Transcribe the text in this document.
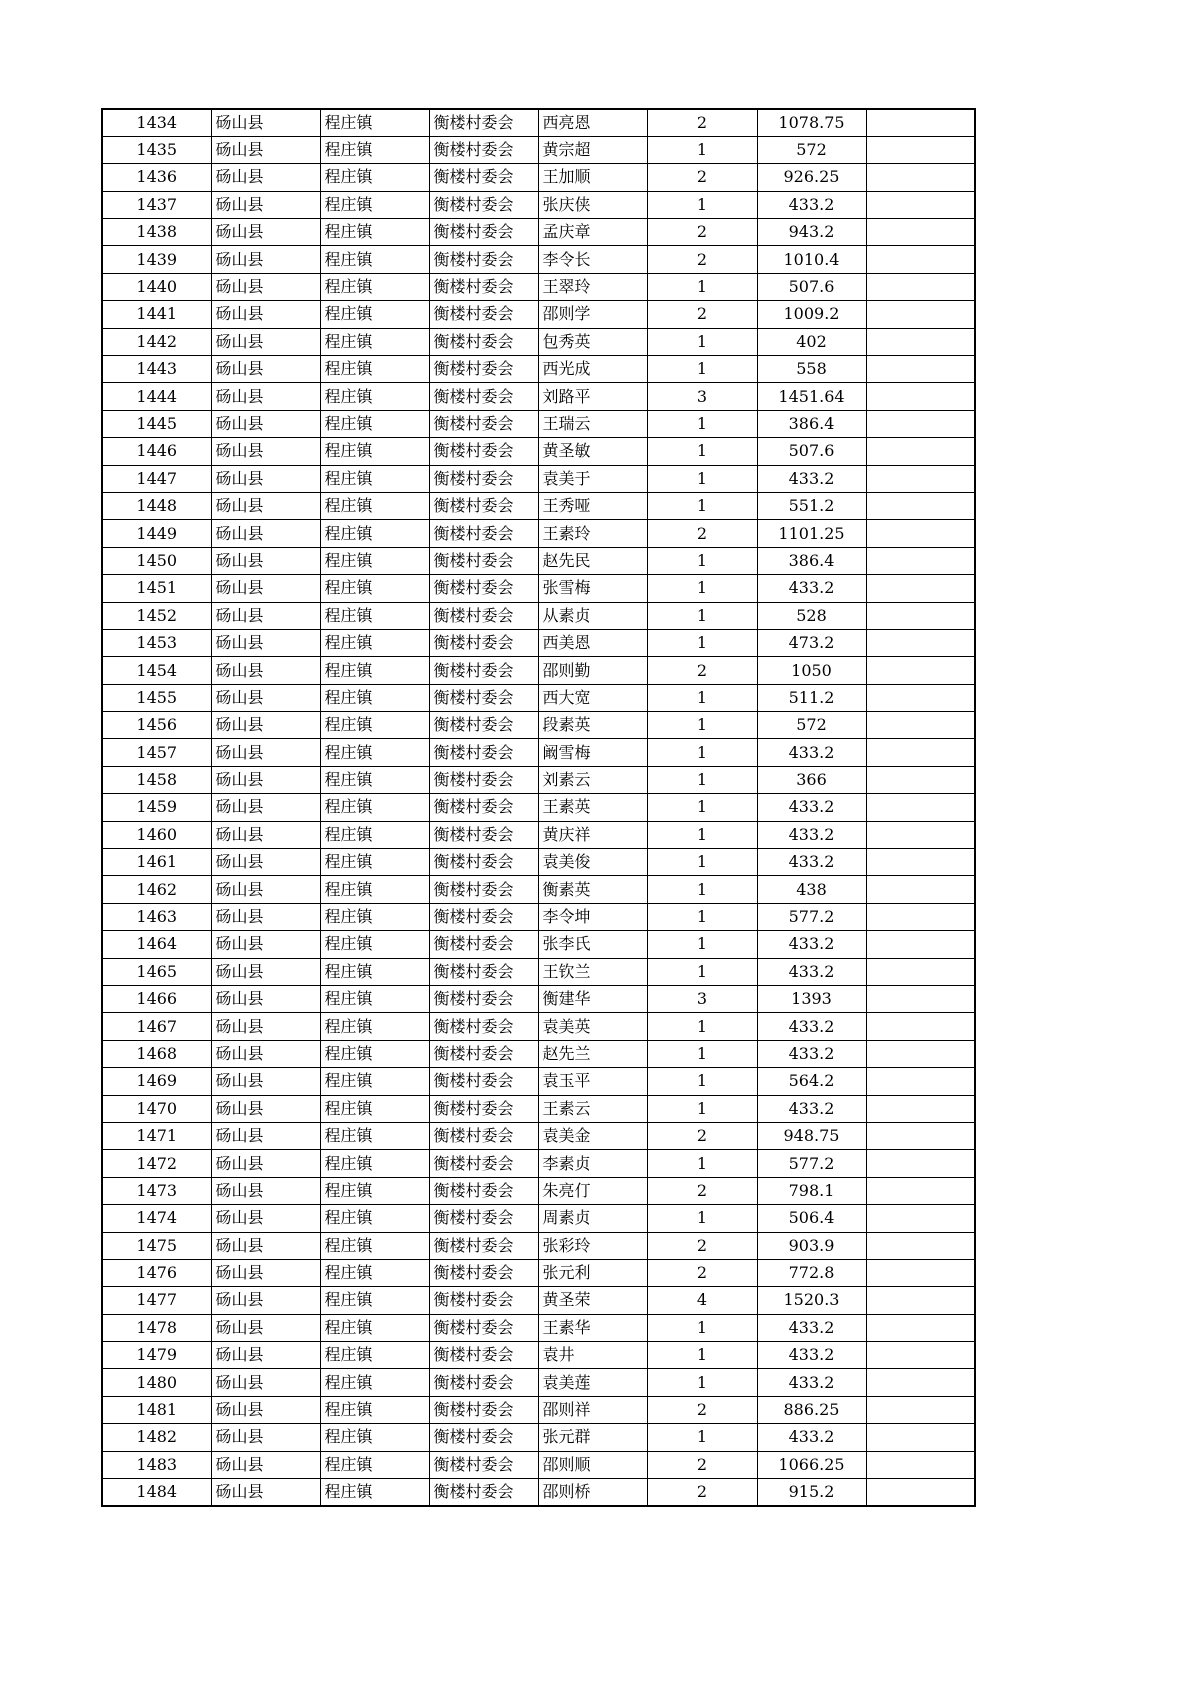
1434	砀山县	程庄镇	衡楼村委会	西亮恩	2	1078.75	
1435	砀山县	程庄镇	衡楼村委会	黄宗超	1	572	
1436	砀山县	程庄镇	衡楼村委会	王加顺	2	926.25	
1437	砀山县	程庄镇	衡楼村委会	张庆侠	1	433.2	
1438	砀山县	程庄镇	衡楼村委会	孟庆章	2	943.2	
1439	砀山县	程庄镇	衡楼村委会	李令长	2	1010.4	
1440	砀山县	程庄镇	衡楼村委会	王翠玲	1	507.6	
1441	砀山县	程庄镇	衡楼村委会	邵则学	2	1009.2	
1442	砀山县	程庄镇	衡楼村委会	包秀英	1	402	
1443	砀山县	程庄镇	衡楼村委会	西光成	1	558	
1444	砀山县	程庄镇	衡楼村委会	刘路平	3	1451.64	
1445	砀山县	程庄镇	衡楼村委会	王瑞云	1	386.4	
1446	砀山县	程庄镇	衡楼村委会	黄圣敏	1	507.6	
1447	砀山县	程庄镇	衡楼村委会	袁美于	1	433.2	
1448	砀山县	程庄镇	衡楼村委会	王秀哑	1	551.2	
1449	砀山县	程庄镇	衡楼村委会	王素玲	2	1101.25	
1450	砀山县	程庄镇	衡楼村委会	赵先民	1	386.4	
1451	砀山县	程庄镇	衡楼村委会	张雪梅	1	433.2	
1452	砀山县	程庄镇	衡楼村委会	从素贞	1	528	
1453	砀山县	程庄镇	衡楼村委会	西美恩	1	473.2	
1454	砀山县	程庄镇	衡楼村委会	邵则勤	2	1050	
1455	砀山县	程庄镇	衡楼村委会	西大宽	1	511.2	
1456	砀山县	程庄镇	衡楼村委会	段素英	1	572	
1457	砀山县	程庄镇	衡楼村委会	阚雪梅	1	433.2	
1458	砀山县	程庄镇	衡楼村委会	刘素云	1	366	
1459	砀山县	程庄镇	衡楼村委会	王素英	1	433.2	
1460	砀山县	程庄镇	衡楼村委会	黄庆祥	1	433.2	
1461	砀山县	程庄镇	衡楼村委会	袁美俊	1	433.2	
1462	砀山县	程庄镇	衡楼村委会	衡素英	1	438	
1463	砀山县	程庄镇	衡楼村委会	李令坤	1	577.2	
1464	砀山县	程庄镇	衡楼村委会	张李氏	1	433.2	
1465	砀山县	程庄镇	衡楼村委会	王钦兰	1	433.2	
1466	砀山县	程庄镇	衡楼村委会	衡建华	3	1393	
1467	砀山县	程庄镇	衡楼村委会	袁美英	1	433.2	
1468	砀山县	程庄镇	衡楼村委会	赵先兰	1	433.2	
1469	砀山县	程庄镇	衡楼村委会	袁玉平	1	564.2	
1470	砀山县	程庄镇	衡楼村委会	王素云	1	433.2	
1471	砀山县	程庄镇	衡楼村委会	袁美金	2	948.75	
1472	砀山县	程庄镇	衡楼村委会	李素贞	1	577.2	
1473	砀山县	程庄镇	衡楼村委会	朱亮仃	2	798.1	
1474	砀山县	程庄镇	衡楼村委会	周素贞	1	506.4	
1475	砀山县	程庄镇	衡楼村委会	张彩玲	2	903.9	
1476	砀山县	程庄镇	衡楼村委会	张元利	2	772.8	
1477	砀山县	程庄镇	衡楼村委会	黄圣荣	4	1520.3	
1478	砀山县	程庄镇	衡楼村委会	王素华	1	433.2	
1479	砀山县	程庄镇	衡楼村委会	袁井	1	433.2	
1480	砀山县	程庄镇	衡楼村委会	袁美莲	1	433.2	
1481	砀山县	程庄镇	衡楼村委会	邵则祥	2	886.25	
1482	砀山县	程庄镇	衡楼村委会	张元群	1	433.2	
1483	砀山县	程庄镇	衡楼村委会	邵则顺	2	1066.25	
1484	砀山县	程庄镇	衡楼村委会	邵则桥	2	915.2	
